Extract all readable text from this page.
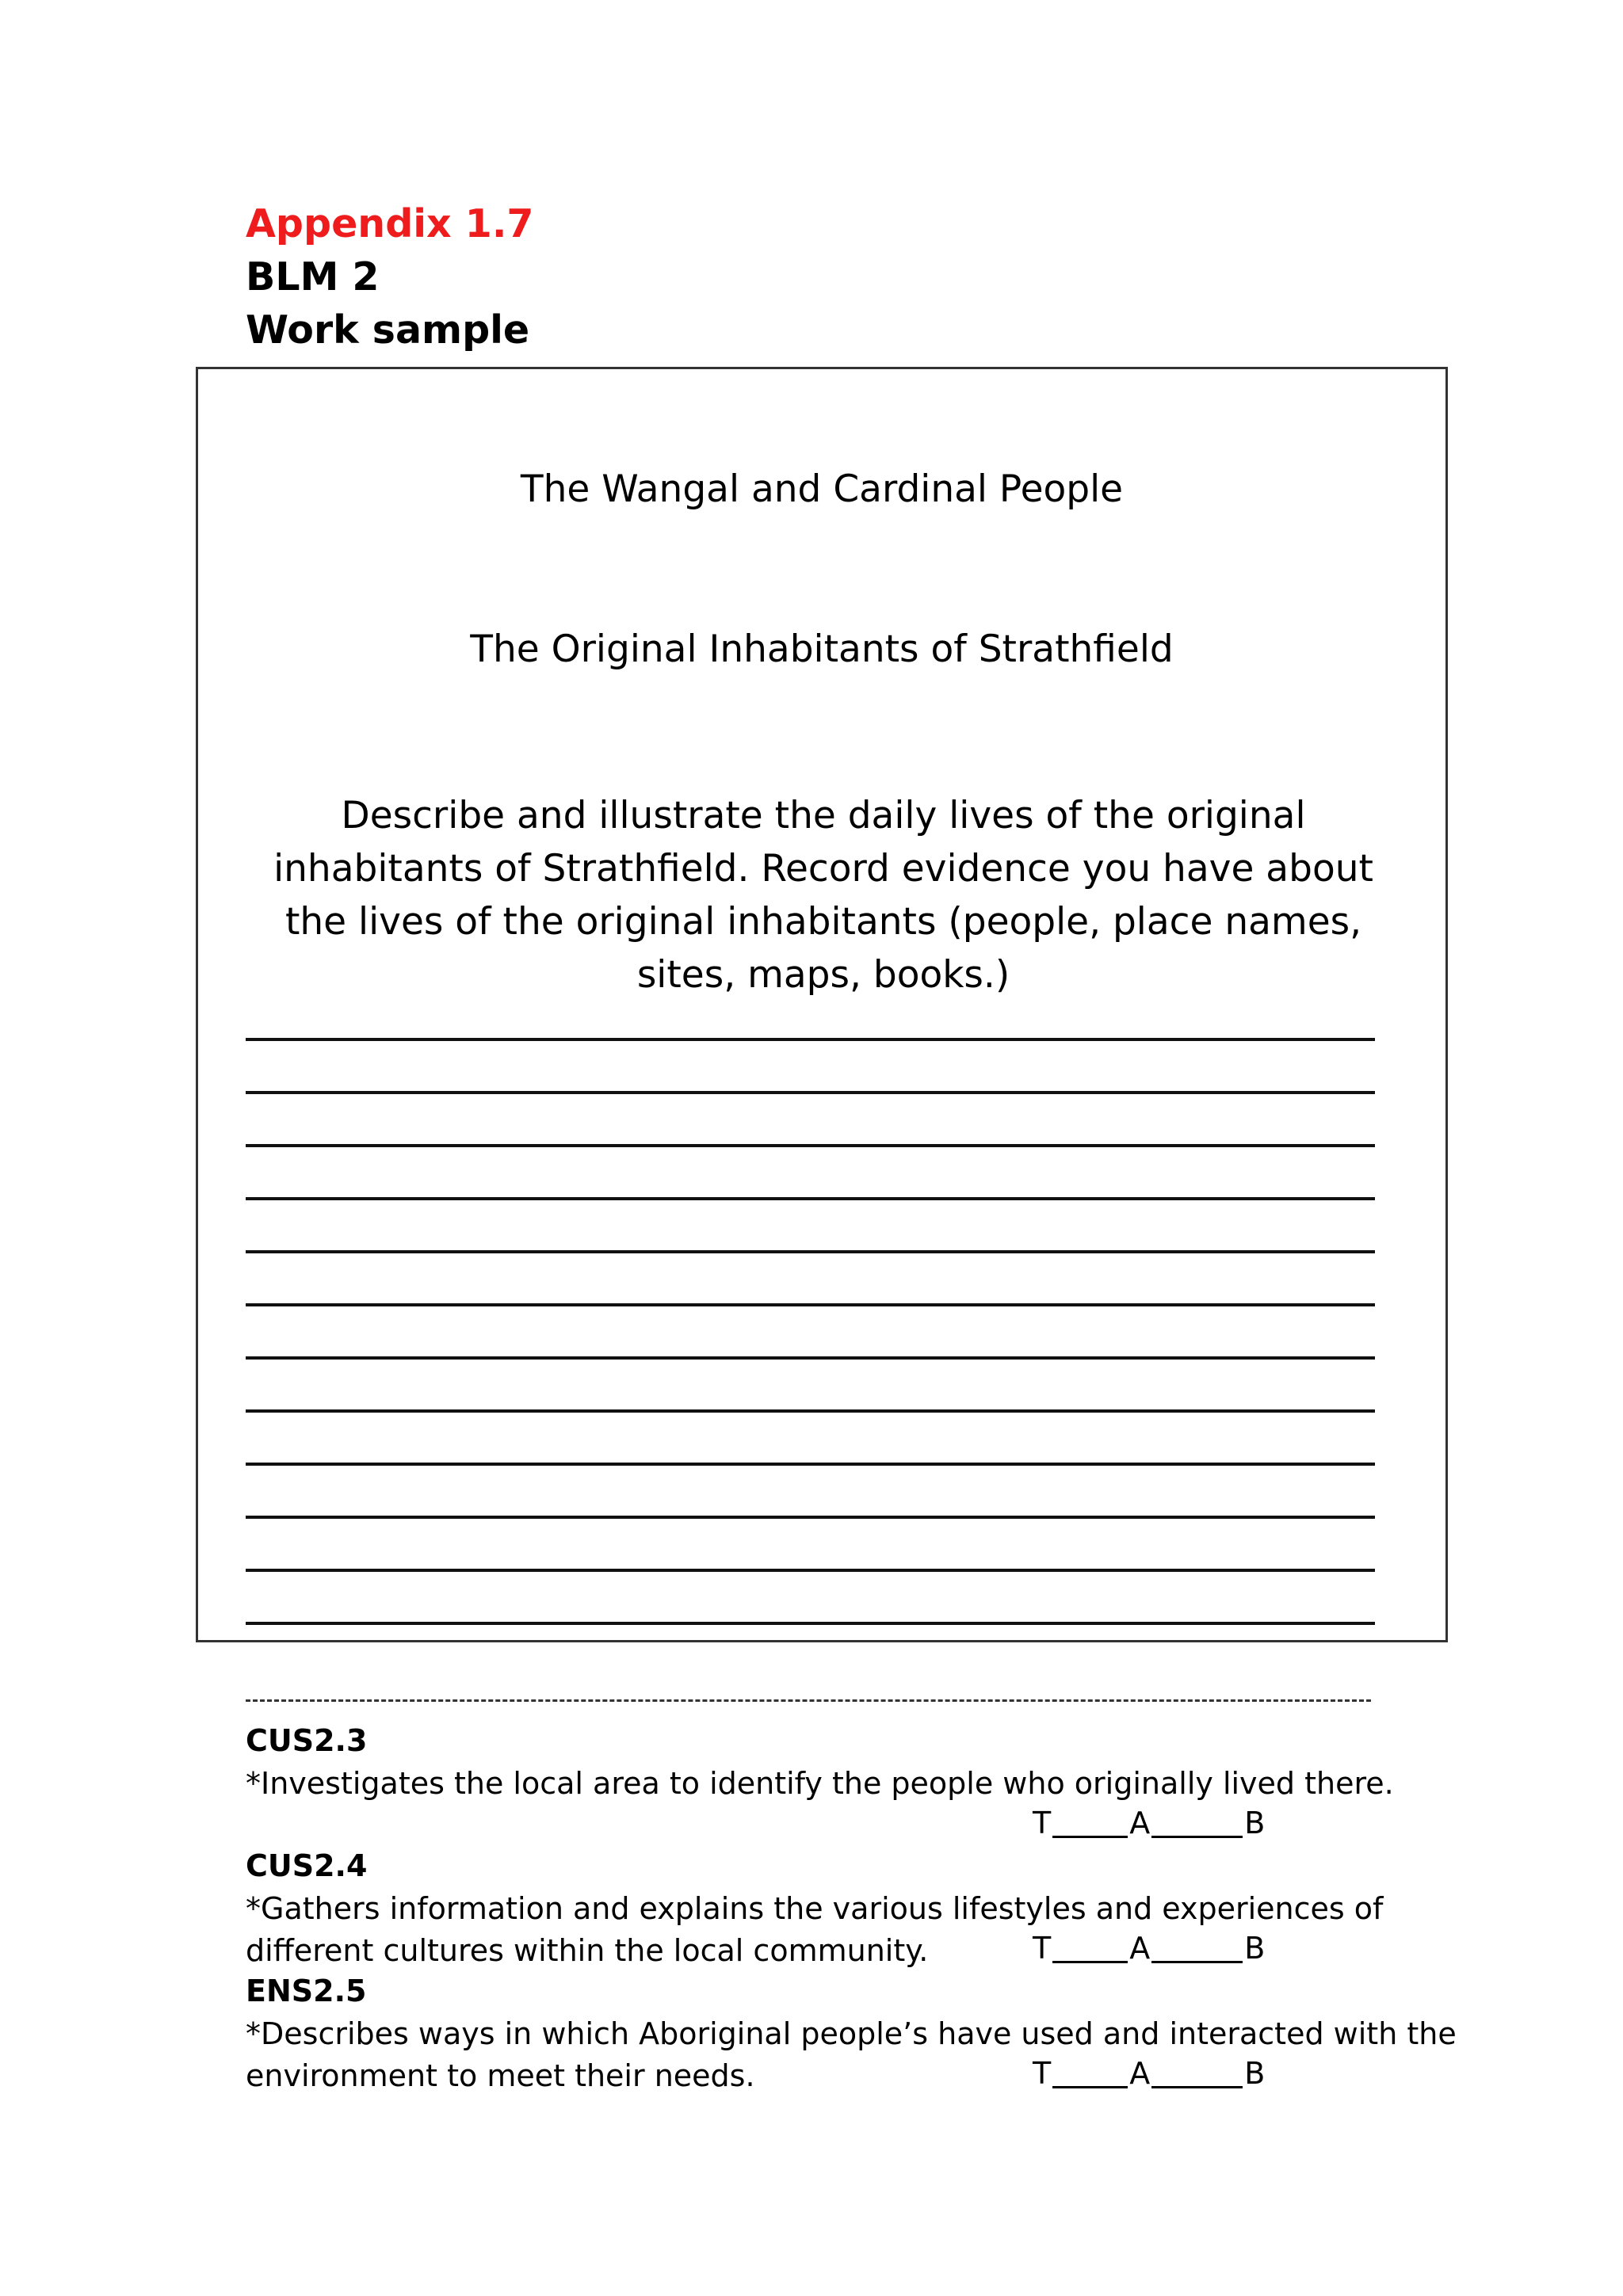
Appendix 1.7
BLM 2
Work sample
The Wangal and Cardinal People
The Original Inhabitants of Strathfield
Describe and illustrate the daily lives of the original inhabitants of Strathfield. Record evidence you have about the lives of the original inhabitants (people, place names, sites, maps, books.)
CUS2.3
*Investigates the local area to identify the people who originally lived there.
T	A	B
CUS2.4
*Gathers information and explains the various lifestyles and experiences of
different cultures within the local community.	T	A	B
ENS2.5
*Describes ways in which Aboriginal people’s have used and interacted with the
environment to meet their needs.	T	A	B
